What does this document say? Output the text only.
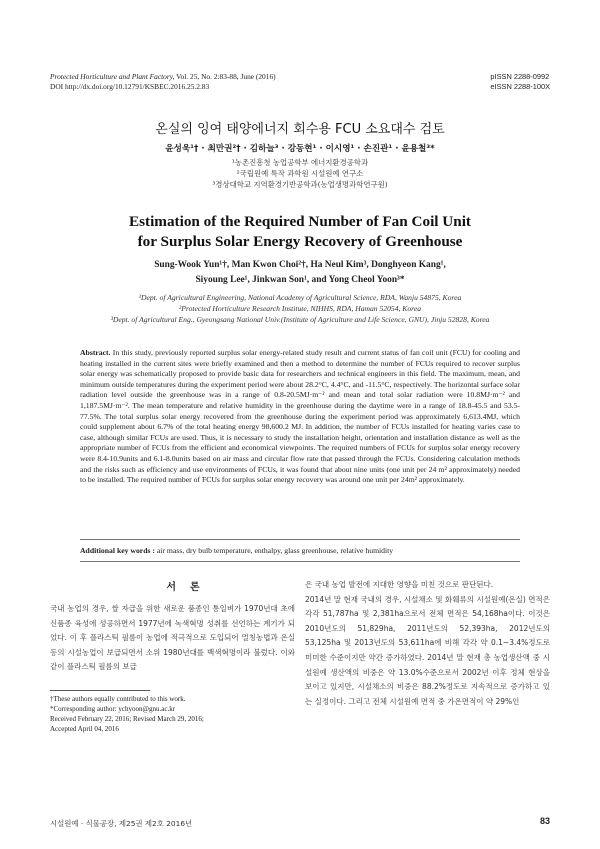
Protected Horticulture and Plant Factory, Vol. 25, No. 2:83-88, June (2016)
DOI http://dx.doi.org/10.12791/KSBEC.2016.25.2.83
pISSN 2288-0992
eISSN 2288-100X
온실의 잉여 태양에너지 회수용 FCU 소요대수 검토
윤성욱¹† · 최만권²† · 김하늘³ · 강동현¹ · 이시영¹ · 손진관¹ · 윤용철³*
¹농촌진흥청 농업공학부 에너지환경공학과
²국립원예 특작 과학원 시설원예 연구소
³경상대학교 지역환경기반공학과(농업생명과학연구원)
Estimation of the Required Number of Fan Coil Unit
for Surplus Solar Energy Recovery of Greenhouse
Sung-Wook Yun¹†, Man Kwon Choi²†, Ha Neul Kim³, Donghyeon Kang¹,
Siyoung Lee¹, Jinkwan Son¹, and Yong Cheol Yoon³*
¹Dept. of Agricultural Engineering, National Academy of Agricultural Science, RDA, Wanju 54875, Korea
²Protected Horticulture Research Institute, NIHHS, RDA, Haman 52054, Korea
³Dept. of Agricultural Eng., Gyeongsang National Univ.(Institute of Agriculture and Life Science, GNU), Jinju 52828, Korea
Abstract. In this study, previously reported surplus solar energy-related study result and current status of fan coil unit (FCU) for cooling and heating installed in the current sites were briefly examined and then a method to determine the number of FCUs required to recover surplus solar energy was schematically proposed to provide basic data for researchers and technical engineers in this field. The maximum, mean, and minimum outside temperatures during the experiment period were about 28.2°C, 4.4°C, and -11.5°C, respectively. The horizontal surface solar radiation level outside the greenhouse was in a range of 0.8-20.5MJ·m⁻² and mean and total solar radiation were 10.8MJ·m⁻² and 1,187.5MJ·m⁻². The mean temperature and relative humidity in the greenhouse during the daytime were in a range of 18.8-45.5 and 53.5-77.5%. The total surplus solar energy recovered from the greenhouse during the experiment period was approximately 6,613.4MJ, which could supplement about 6.7% of the total heating energy 98,600.2 MJ. In addition, the number of FCUs installed for heating varies case to case, although similar FCUs are used. Thus, it is necessary to study the installation height, orientation and installation distance as well as the appropriate number of FCUs from the efficient and economical viewpoints. The required numbers of FCUs for surplus solar energy recovery were 8.4-10.9units and 6.1-8.0units based on air mass and circular flow rate that passed through the FCUs. Considering calculation methods and the risks such as efficiency and use environments of FCUs, it was found that about nine units (one unit per 24 m² approximately) needed to be installed. The required number of FCUs for surplus solar energy recovery was around one unit per 24m² approximately.
Additional key words : air mass, dry bulb temperature, enthalpy, glass greenhouse, relative humidity
서론
국내 농업의 경우, 쌀 자급을 위한 새로운 품종인 통일벼가 1970년대 초에 신품종 육성에 성공하면서 1977년에 녹색혁명 성취를 선언하는 계기가 되었다. 이 후 플라스틱 필름이 농업에 적극적으로 도입되어 멀칭농법과 온실 등의 시설농업이 보급되면서 소위 1980년대를 백색혁명이라 불렀다. 이와 같이 플라스틱 필름의 보급
은 국내 농업 발전에 지대한 영향을 미친 것으로 판단된다.
2014년 말 현재 국내의 경우, 시설채소 및 화훼류의 시설원예(온실) 면적은 각각 51,787ha 및 2,381ha으로서 전체 면적은 54,168ha이다. 이것은 2010년도의 51,829ha, 2011년도의 52,393ha, 2012년도의 53,125ha 및 2013년도의 53,611ha에 비해 각각 약 0.1~3.4%정도로 미미한 수준이지만 약간 증가하였다. 2014년 말 현재 총 농업생산액 중 시설원예 생산액의 비중은 약 13.0%수준으로서 2002년 이후 정체 현상을 보이고 있지만, 시설채소의 비중은 88.2%정도로 지속적으로 증가하고 있는 실정이다. 그리고 전체 시설원예 면적 중 가온면적이 약 29%인
†These authors equally contributed to this work.
*Corresponding author: ychyoon@gnu.ac.kr
Received February 22, 2016; Revised March 29, 2016;
Accepted April 04, 2016
시설원예 · 식물공장, 제25권 제2호 2016년	83
